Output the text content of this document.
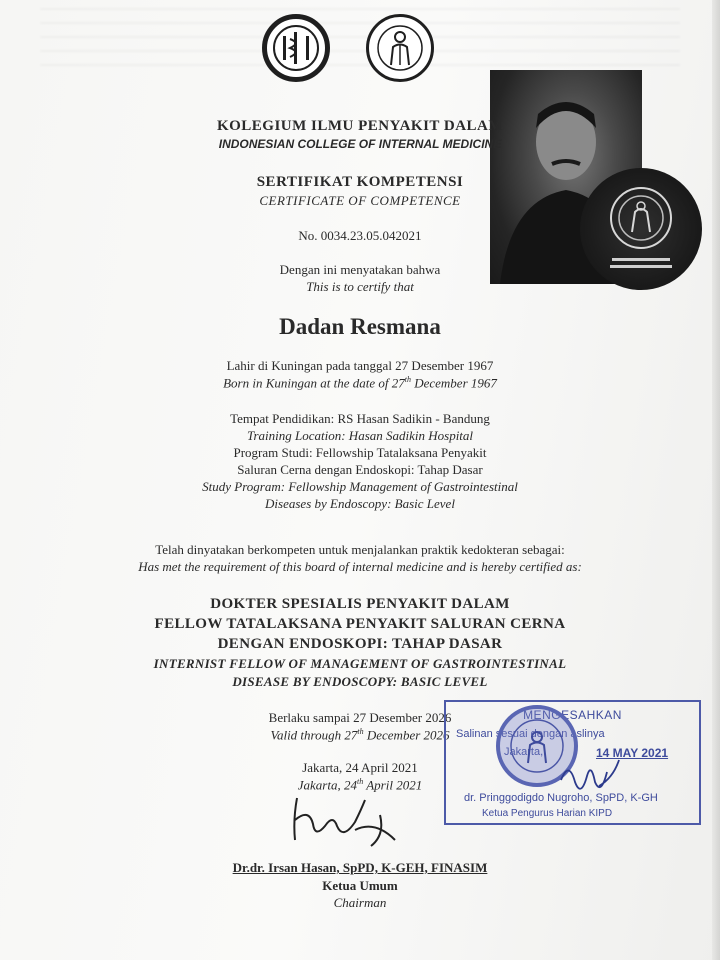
KOLEGIUM ILMU PENYAKIT DALAM
INDONESIAN COLLEGE OF INTERNAL MEDICINE
SERTIFIKAT KOMPETENSI
CERTIFICATE OF COMPETENCE
No. 0034.23.05.042021
Dengan ini menyatakan bahwa
This is to certify that
Dadan Resmana
Lahir di Kuningan pada tanggal 27 Desember 1967
Born in Kuningan at the date of 27th December 1967
Tempat Pendidikan: RS Hasan Sadikin - Bandung
Training Location: Hasan Sadikin Hospital
Program Studi: Fellowship Tatalaksana Penyakit
Saluran Cerna dengan Endoskopi: Tahap Dasar
Study Program: Fellowship Management of Gastrointestinal
Diseases by Endoscopy: Basic Level
Telah dinyatakan berkompeten untuk menjalankan praktik kedokteran sebagai:
Has met the requirement of this board of internal medicine and is hereby certified as:
DOKTER SPESIALIS PENYAKIT DALAM
FELLOW TATALAKSANA PENYAKIT SALURAN CERNA
DENGAN ENDOSKOPI: TAHAP DASAR
INTERNIST FELLOW OF MANAGEMENT OF GASTROINTESTINAL
DISEASE BY ENDOSCOPY: BASIC LEVEL
Berlaku sampai 27 Desember 2026
Valid through 27th December 2026
Jakarta, 24 April 2021
Jakarta, 24th April 2021
Dr.dr. Irsan Hasan, SpPD, K-GEH, FINASIM
Ketua Umum
Chairman
MENGESAHKAN
Salinan sesuai dengan aslinya
Jakarta,	14 MAY 2021
dr. Pringgodigdo Nugroho, SpPD, K-GH
Ketua Pengurus Harian KIPD
